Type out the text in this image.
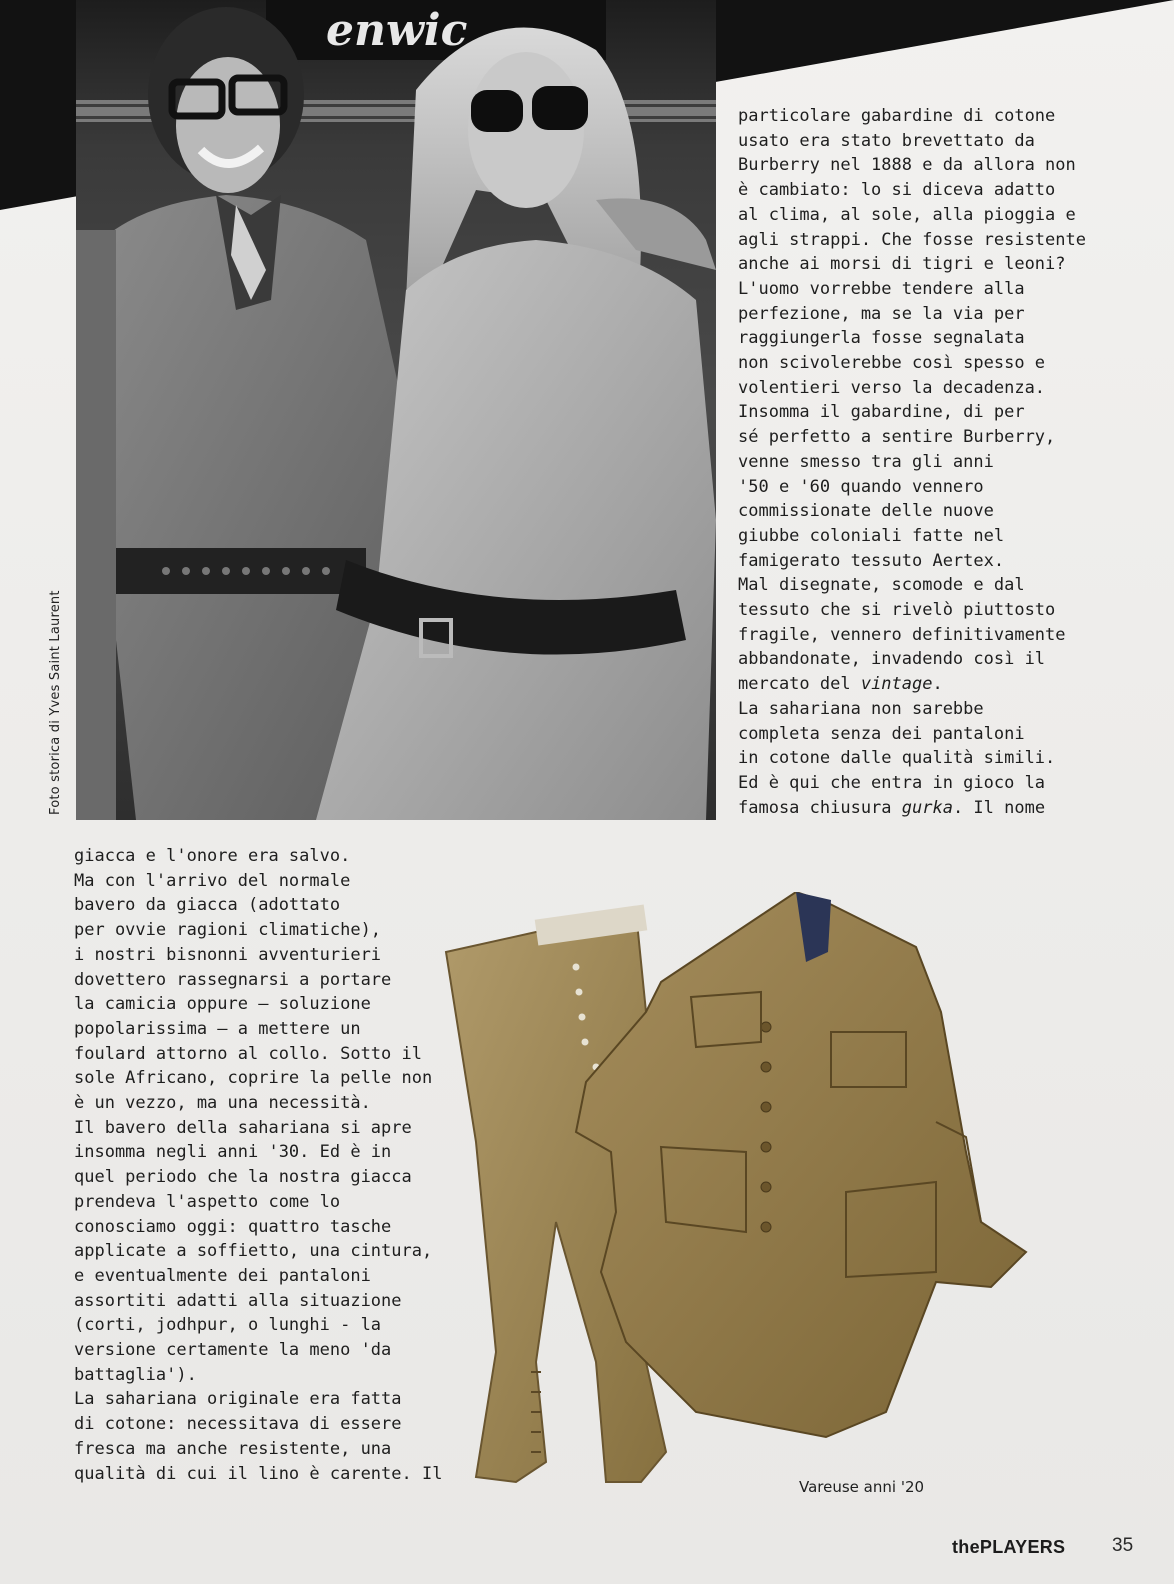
enwic
Foto storica di Yves Saint Laurent
particolare gabardine di cotone
usato era stato brevettato da
Burberry nel 1888 e da allora non
è cambiato: lo si diceva adatto
al clima, al sole, alla pioggia e
agli strappi. Che fosse resistente
anche ai morsi di tigri e leoni?
L'uomo vorrebbe tendere alla
perfezione, ma se la via per
raggiungerla fosse segnalata
non scivolerebbe così spesso e
volentieri verso la decadenza.
Insomma il gabardine, di per
sé perfetto a sentire Burberry,
venne smesso tra gli anni
'50 e '60 quando vennero
commissionate delle nuove
giubbe coloniali fatte nel
famigerato tessuto Aertex.
Mal disegnate, scomode e dal
tessuto che si rivelò piuttosto
fragile, vennero definitivamente
abbandonate, invadendo così il
mercato del vintage.
La sahariana non sarebbe
completa senza dei pantaloni
in cotone dalle qualità simili.
Ed è qui che entra in gioco la
famosa chiusura gurka. Il nome
giacca e l'onore era salvo.
Ma con l'arrivo del normale
bavero da giacca (adottato
per ovvie ragioni climatiche),
i nostri bisnonni avventurieri
dovettero rassegnarsi a portare
la camicia oppure – soluzione
popolarissima – a mettere un
foulard attorno al collo. Sotto il
sole Africano, coprire la pelle non
è un vezzo, ma una necessità.
Il bavero della sahariana si apre
insomma negli anni '30. Ed è in
quel periodo che la nostra giacca
prendeva l'aspetto come lo
conosciamo oggi: quattro tasche
applicate a soffietto, una cintura,
e eventualmente dei pantaloni
assortiti adatti alla situazione
(corti, jodhpur, o lunghi - la
versione certamente la meno 'da
battaglia').
La sahariana originale era fatta
di cotone: necessitava di essere
fresca ma anche resistente, una
qualità di cui il lino è carente. Il
Vareuse anni '20
thePLAYERS 35
